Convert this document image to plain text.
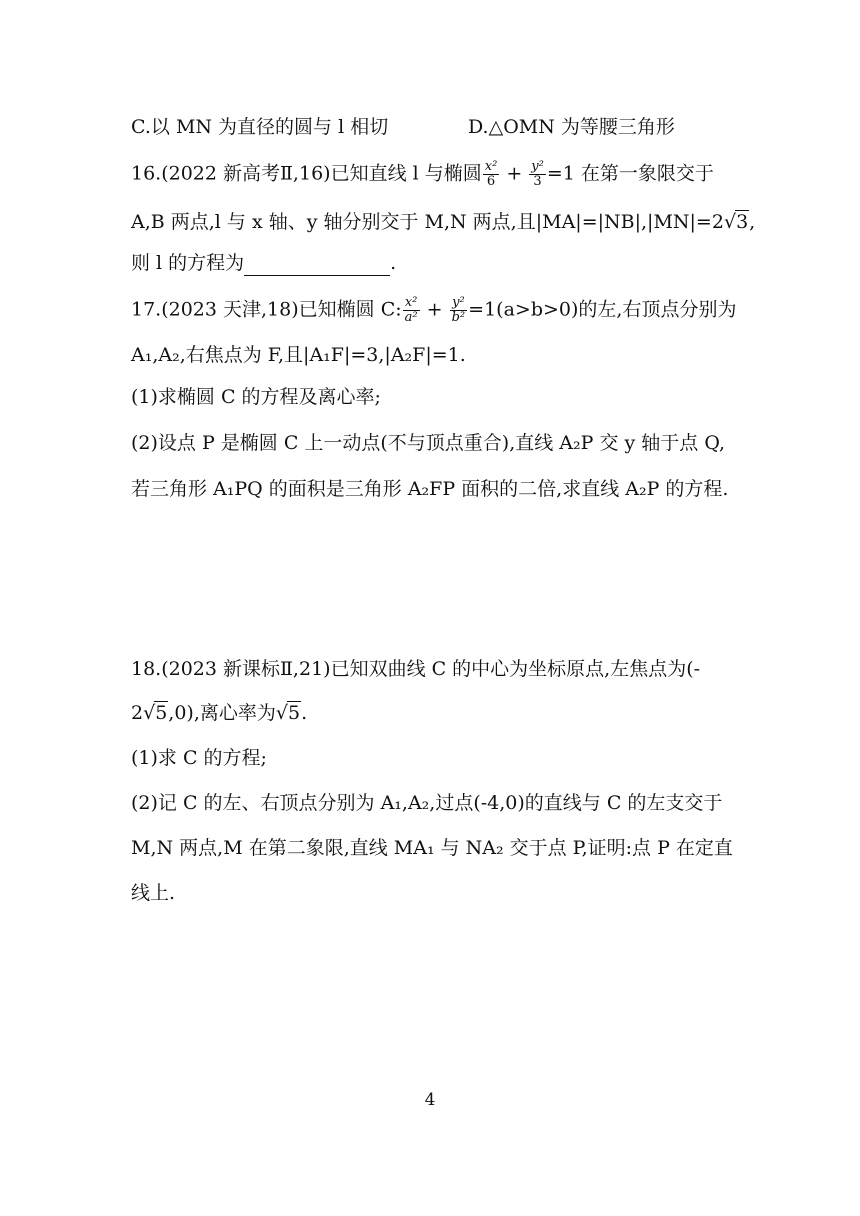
C.以 MN 为直径的圆与 l 相切	D.△OMN 为等腰三角形
16.(2022 新高考Ⅱ,16)已知直线 l 与椭圆 $\frac{\text{x²}}{6} + \frac{\text{y²}}{3} =1$ 在第一象限交于
A,B 两点,l 与 x 轴、y 轴分别交于 M,N 两点,且|MA|=|NB|,|MN|=2√3,
则 l 的方程为	.
17.(2023 天津,18)已知椭圆 C: $\frac{\text{x²}}{\text{a²}} + \frac{\text{y²}}{\text{b²}} =1(a>b>0)$的左,右顶点分别为
A₁,A₂,右焦点为 F,且|A₁F|=3,|A₂F|=1.
(1)求椭圆 C 的方程及离心率;
(2)设点 P 是椭圆 C 上一动点(不与顶点重合),直线 A₂P 交 y 轴于点 Q,
若三角形 A₁PQ 的面积是三角形 A₂FP 面积的二倍,求直线 A₂P 的方程.
18.(2023 新课标Ⅱ,21)已知双曲线 C 的中心为坐标原点,左焦点为(-
2√5,0),离心率为√5.
(1)求 C 的方程;
(2)记 C 的左、右顶点分别为 A₁,A₂,过点(-4,0)的直线与 C 的左支交于
M,N 两点,M 在第二象限,直线 MA₁ 与 NA₂ 交于点 P,证明:点 P 在定直
线上.
4
